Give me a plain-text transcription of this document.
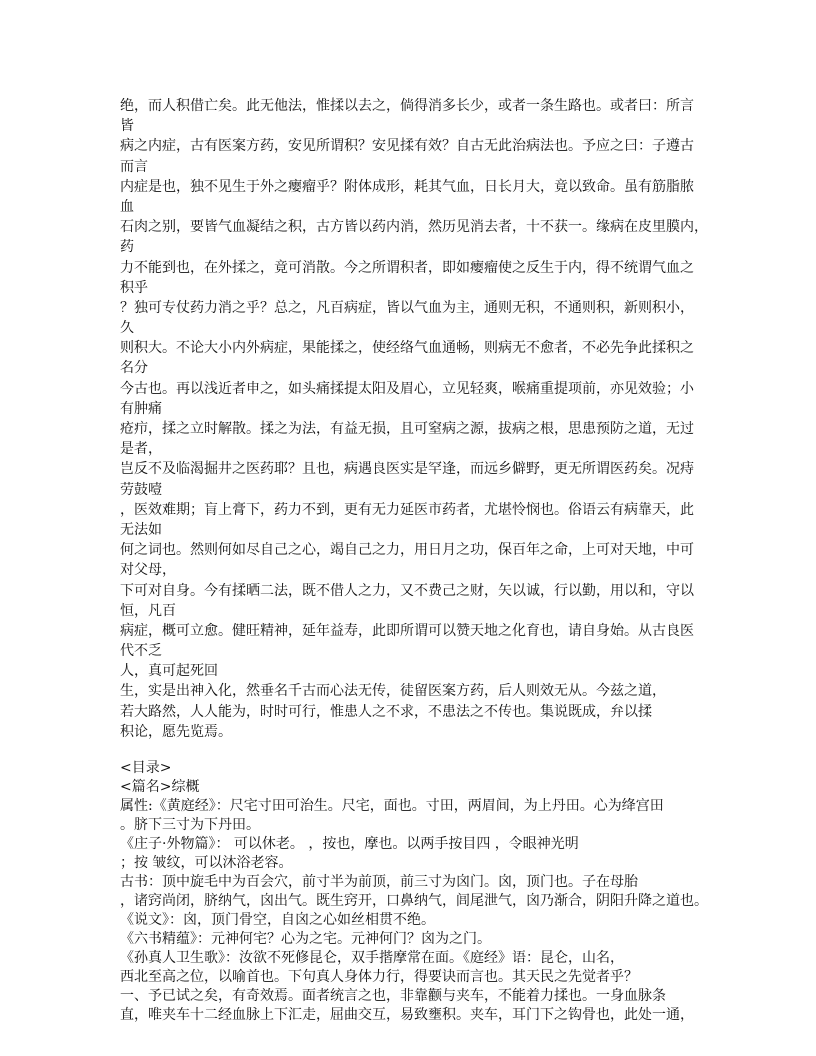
绝，而人积借亡矣。此无他法，惟揉以去之，倘得消多长少，或者一条生路也。或者曰：所言
皆
病之内症，古有医案方药，安见所谓积？安见揉有效？自古无此治病法也。予应之曰：子遵古
而言
内症是也，独不见生于外之瘿瘤乎？附体成形，耗其气血，日长月大，竟以致命。虽有筋脂脓
血
石肉之别，要皆气血凝结之积，古方皆以药内消，然历见消去者，十不获一。缘病在皮里膜内，
药
力不能到也，在外揉之，竟可消散。今之所谓积者，即如瘿瘤使之反生于内，得不统谓气血之
积乎
？独可专仗药力消之乎？总之，凡百病症，皆以气血为主，通则无积，不通则积，新则积小，
久
则积大。不论大小内外病症，果能揉之，使经络气血通畅，则病无不愈者，不必先争此揉积之
名分
今古也。再以浅近者申之，如头痛揉提太阳及眉心，立见轻爽，喉痛重提项前，亦见效验；小
有肿痛
疮疖，揉之立时解散。揉之为法，有益无损，且可窒病之源，拔病之根，思患预防之道，无过
是者，
岂反不及临渴掘井之医药耶？且也，病遇良医实是罕逢，而远乡僻野，更无所谓医药矣。况痔
劳鼓噎
，医效难期；肓上膏下，药力不到，更有无力延医市药者，尤堪怜悯也。俗语云有病靠天，此
无法如
何之词也。然则何如尽自己之心，竭自己之力，用日月之功，保百年之命，上可对天地，中可
对父母，
下可对自身。今有揉晒二法，既不借人之力，又不费己之财，矢以诚，行以勤，用以和，守以
恒，凡百
病症，概可立愈。健旺精神，延年益寿，此即所谓可以赞天地之化育也，请自身始。从古良医
代不乏
人，真可起死回
生，实是出神入化，然垂名千古而心法无传，徒留医案方药，后人则效无从。今兹之道，
若大路然，人人能为，时时可行，惟患人之不求，不患法之不传也。集说既成，弁以揉
积论，愿先览焉。
<目录>
<篇名>综概
属性:《黄庭经》：尺宅寸田可治生。尺宅，面也。寸田，两眉间，为上丹田。心为绛宫田
。脐下三寸为下丹田。
《庄子·外物篇》： 可以休老。 ，按也，摩也。以两手按目四 ，令眼神光明
；按 皱纹，可以沐浴老容。
古书：顶中旋毛中为百会穴，前寸半为前顶，前三寸为囟门。囟，顶门也。子在母胎
，诸窍尚闭，脐纳气，囟出气。既生窍开，口鼻纳气，闾尾泄气，囟乃渐合，阴阳升降之道也。
《说文》：囟，顶门骨空，自囟之心如丝相贯不绝。
《六书精蕴》：元神何宅？心为之宅。元神何门？囟为之门。
《孙真人卫生歌》：汝欲不死修昆仑，双手揩摩常在面。《庭经》语：昆仑，山名，
西北至高之位，以喻首也。下句真人身体力行，得要诀而言也。其天民之先觉者乎？
一、予已试之矣，有奇效焉。面者统言之也，非靠颧与夹车，不能着力揉也。一身血脉条
直，唯夹车十二经血脉上下汇走，屈曲交互，易致壅积。夹车，耳门下之钩骨也，此处一通，
